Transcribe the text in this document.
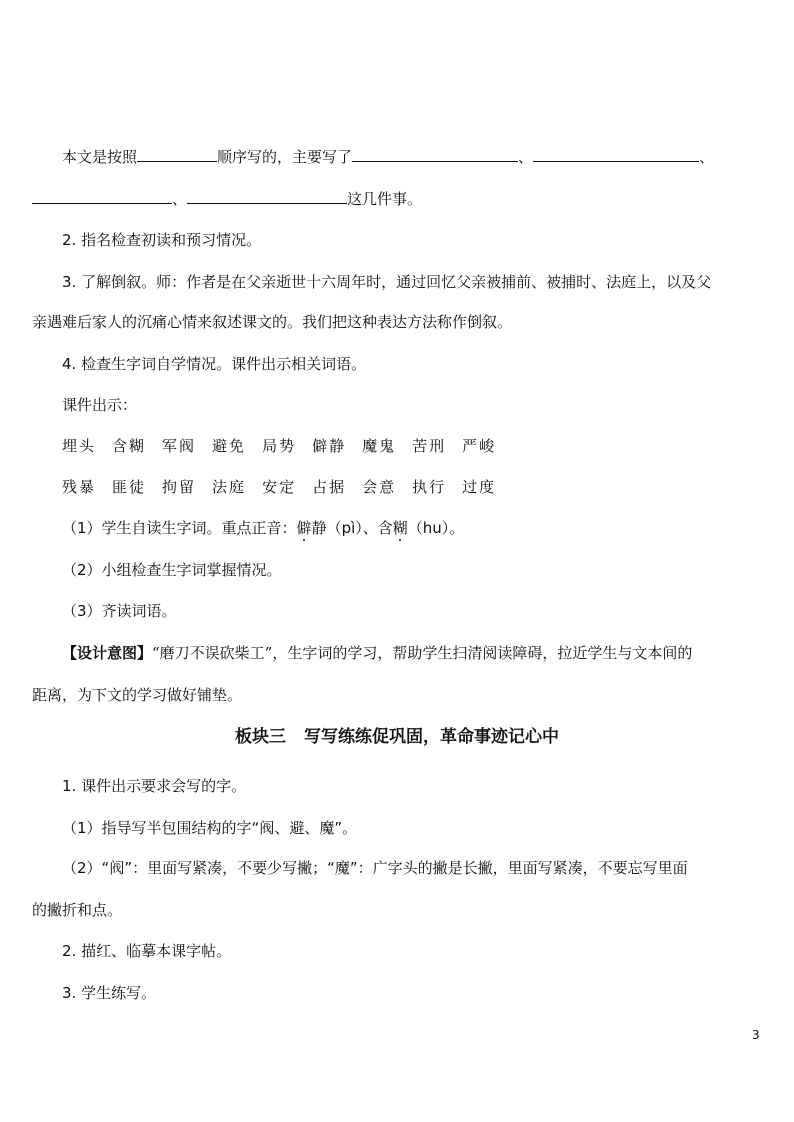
本文是按照	顺序写的，主要写了	、	、
、	这几件事。
2. 指名检查初读和预习情况。
3. 了解倒叙。师：作者是在父亲逝世十六周年时，通过回忆父亲被捕前、被捕时、法庭上，以及父
亲遇难后家人的沉痛心情来叙述课文的。我们把这种表达方法称作倒叙。
4. 检查生字词自学情况。课件出示相关词语。
课件出示：
埋头 含糊 军阀 避免 局势 僻静 魔鬼 苦刑 严峻
残暴 匪徒 拘留 法庭 安定 占据 会意 执行 过度
（1）学生自读生字词。重点正音：僻静（pì）、含糊（hu）。
（2）小组检查生字词掌握情况。
（3）齐读词语。
【设计意图】“磨刀不误砍柴工”，生字词的学习，帮助学生扫清阅读障碍，拉近学生与文本间的
距离，为下文的学习做好铺垫。
板块三 写写练练促巩固，革命事迹记心中
1. 课件出示要求会写的字。
（1）指导写半包围结构的字“阀、避、魔”。
（2）“阀”：里面写紧凑，不要少写撇；“魔”：广字头的撇是长撇，里面写紧凑，不要忘写里面
的撇折和点。
2. 描红、临摹本课字帖。
3. 学生练写。
3
